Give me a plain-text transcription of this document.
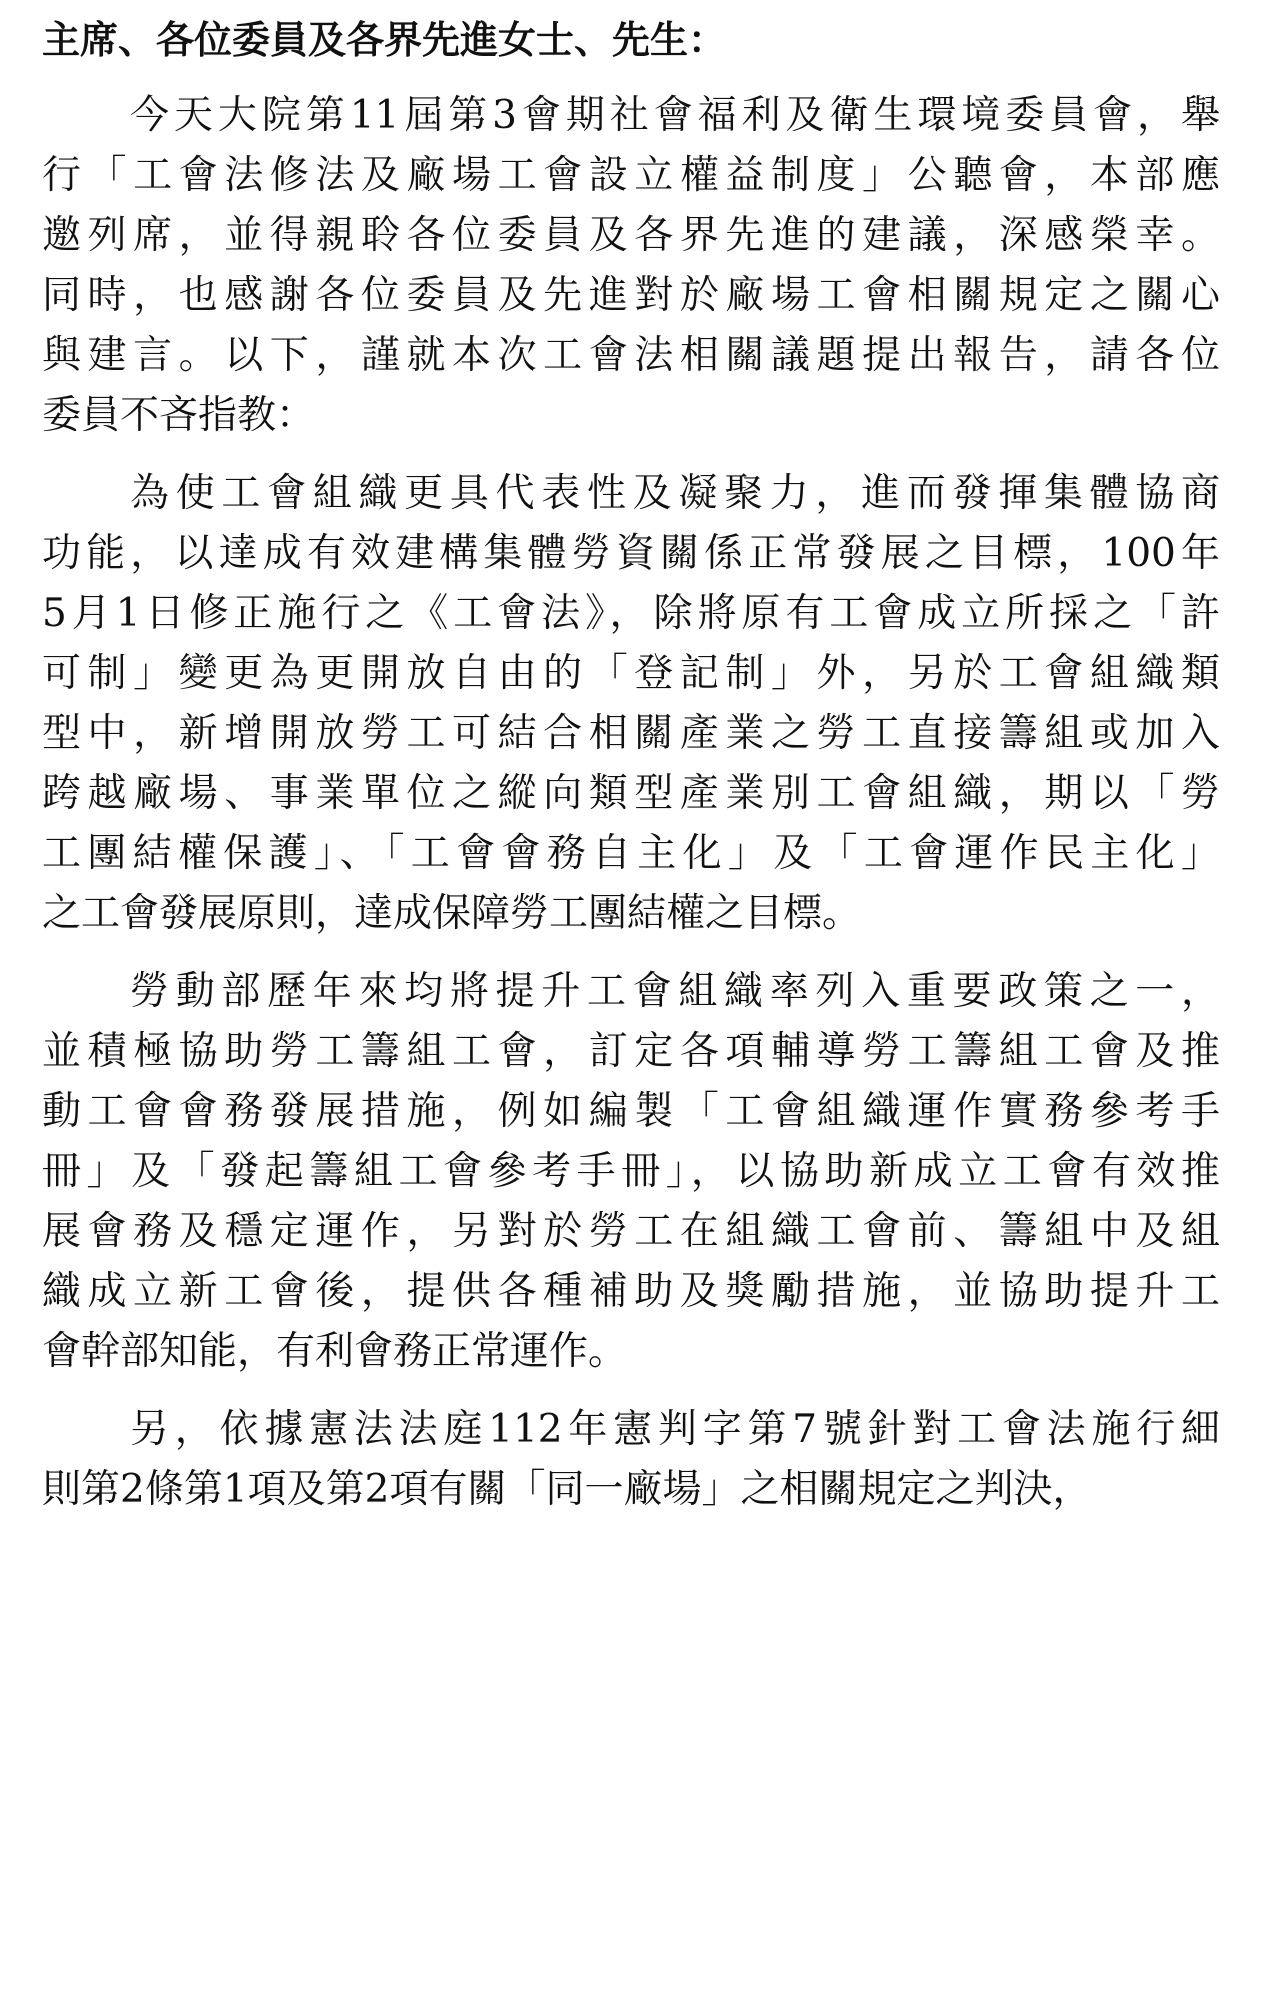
主席、各位委員及各界先進女士、先生：
今天大院第11屆第3會期社會福利及衛生環境委員會，舉
行「工會法修法及廠場工會設立權益制度」公聽會，本部應
邀列席，並得親聆各位委員及各界先進的建議，深感榮幸。
同時，也感謝各位委員及先進對於廠場工會相關規定之關心
與建言。以下，謹就本次工會法相關議題提出報告，請各位
委員不吝指教：
為使工會組織更具代表性及凝聚力，進而發揮集體協商
功能，以達成有效建構集體勞資關係正常發展之目標，100年
5月1日修正施行之《工會法》，除將原有工會成立所採之「許
可制」變更為更開放自由的「登記制」外，另於工會組織類
型中，新增開放勞工可結合相關產業之勞工直接籌組或加入
跨越廠場、事業單位之縱向類型產業別工會組織，期以「勞
工團結權保護」、「工會會務自主化」及「工會運作民主化」
之工會發展原則，達成保障勞工團結權之目標。
勞動部歷年來均將提升工會組織率列入重要政策之一，
並積極協助勞工籌組工會，訂定各項輔導勞工籌組工會及推
動工會會務發展措施，例如編製「工會組織運作實務參考手
冊」及「發起籌組工會參考手冊」，以協助新成立工會有效推
展會務及穩定運作，另對於勞工在組織工會前、籌組中及組
織成立新工會後，提供各種補助及獎勵措施，並協助提升工
會幹部知能，有利會務正常運作。
另，依據憲法法庭112年憲判字第7號針對工會法施行細
則第2條第1項及第2項有關「同一廠場」之相關規定之判決，
